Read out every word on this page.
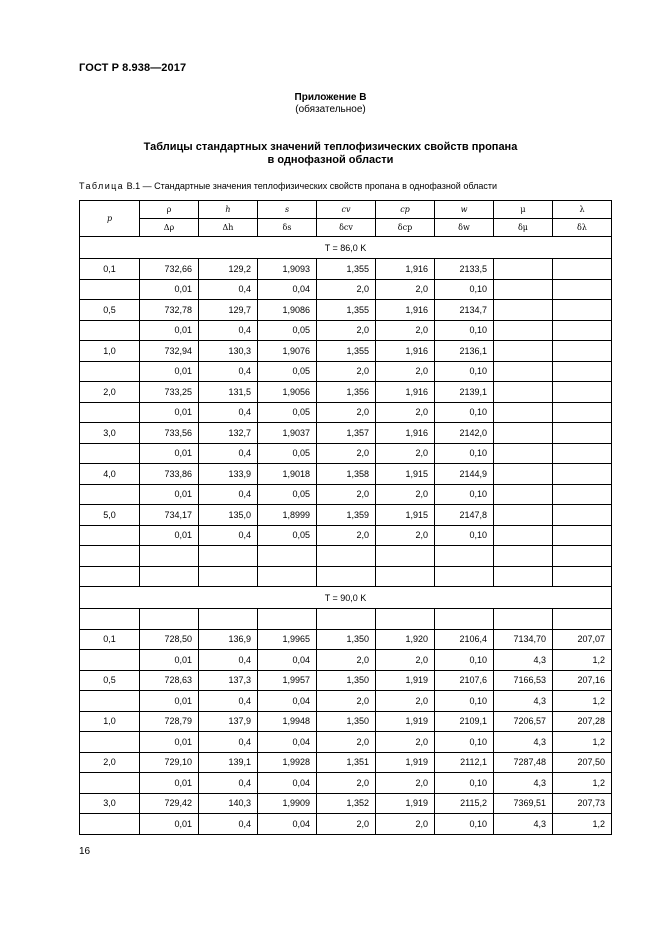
ГОСТ Р 8.938—2017
Приложение В
(обязательное)
Таблицы стандартных значений теплофизических свойств пропана
в однофазной области
Таблица В.1 — Стандартные значения теплофизических свойств пропана в однофазной области
p	ρ	h	s	cv	cp	w	μ	λ
	Δρ	Δh	δs	δcv	δcp	δw	δμ	δλ
T = 86,0 K								
0,1	732,66	129,2	1,9093	1,355	1,916	2133,5		
	0,01	0,4	0,04	2,0	2,0	0,10		
0,5	732,78	129,7	1,9086	1,355	1,916	2134,7		
	0,01	0,4	0,05	2,0	2,0	0,10		
1,0	732,94	130,3	1,9076	1,355	1,916	2136,1		
	0,01	0,4	0,05	2,0	2,0	0,10		
2,0	733,25	131,5	1,9056	1,356	1,916	2139,1		
	0,01	0,4	0,05	2,0	2,0	0,10		
3,0	733,56	132,7	1,9037	1,357	1,916	2142,0		
	0,01	0,4	0,05	2,0	2,0	0,10		
4,0	733,86	133,9	1,9018	1,358	1,915	2144,9		
	0,01	0,4	0,05	2,0	2,0	0,10		
5,0	734,17	135,0	1,8999	1,359	1,915	2147,8		
	0,01	0,4	0,05	2,0	2,0	0,10		

T = 90,0 K								

0,1	728,50	136,9	1,9965	1,350	1,920	2106,4	7134,70	207,07
	0,01	0,4	0,04	2,0	2,0	0,10	4,3	1,2
0,5	728,63	137,3	1,9957	1,350	1,919	2107,6	7166,53	207,16
	0,01	0,4	0,04	2,0	2,0	0,10	4,3	1,2
1,0	728,79	137,9	1,9948	1,350	1,919	2109,1	7206,57	207,28
	0,01	0,4	0,04	2,0	2,0	0,10	4,3	1,2
2,0	729,10	139,1	1,9928	1,351	1,919	2112,1	7287,48	207,50
	0,01	0,4	0,04	2,0	2,0	0,10	4,3	1,2
3,0	729,42	140,3	1,9909	1,352	1,919	2115,2	7369,51	207,73
	0,01	0,4	0,04	2,0	2,0	0,10	4,3	1,2
16
